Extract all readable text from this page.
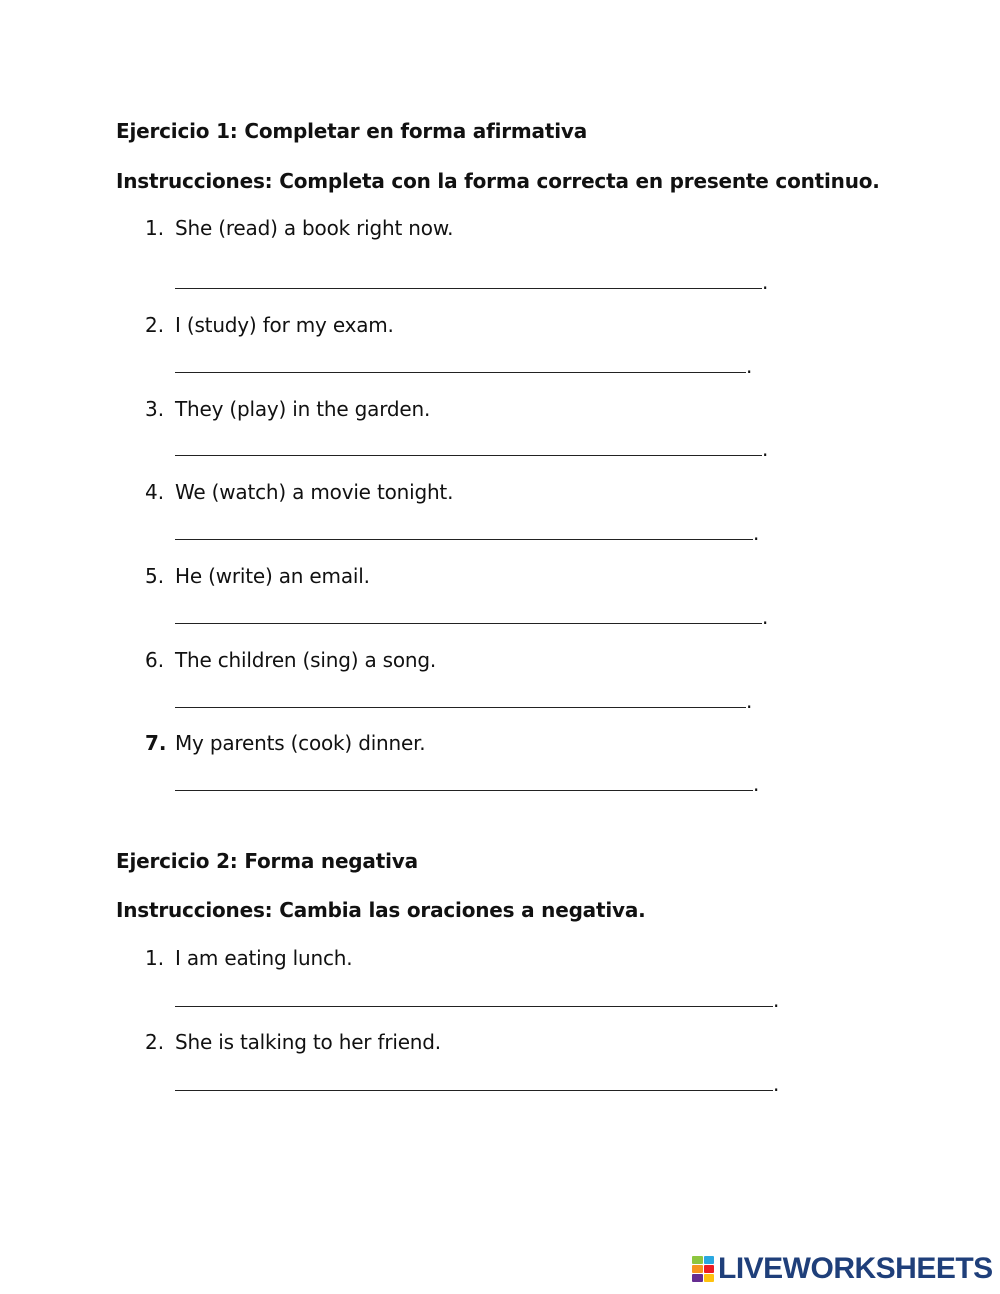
Ejercicio 1: Completar en forma afirmativa
Instrucciones: Completa con la forma correcta en presente continuo.
1. She (read) a book right now.
.
2. I (study) for my exam.
.
3. They (play) in the garden.
.
4. We (watch) a movie tonight.
.
5. He (write) an email.
.
6. The children (sing) a song.
.
7. My parents (cook) dinner.
.
Ejercicio 2: Forma negativa
Instrucciones: Cambia las oraciones a negativa.
1. I am eating lunch.
.
2. She is talking to her friend.
.
LIVEWORKSHEETS
